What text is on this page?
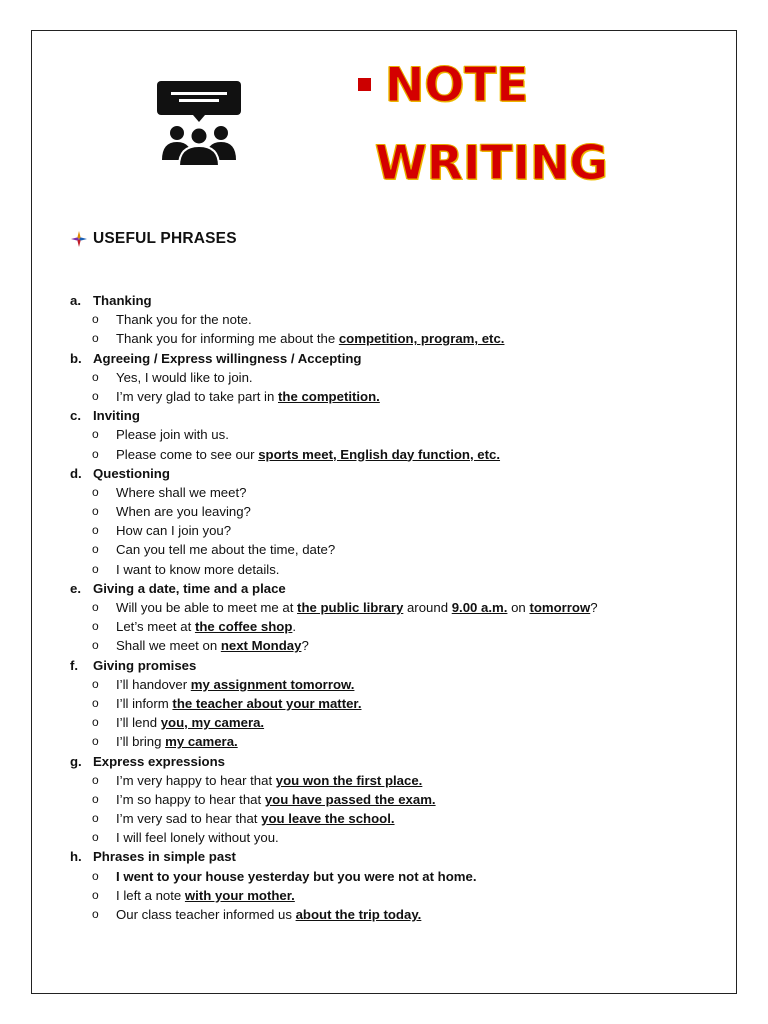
NOTE
WRITING
USEFUL PHRASES
a. Thanking
o Thank you for the note.
o Thank you for informing me about the competition, program, etc.
b. Agreeing / Express willingness / Accepting
o Yes, I would like to join.
o I’m very glad to take part in the competition.
c. Inviting
o Please join with us.
o Please come to see our sports meet, English day function, etc.
d. Questioning
o Where shall we meet?
o When are you leaving?
o How can I join you?
o Can you tell me about the time, date?
o I want to know more details.
e. Giving a date, time and a place
o Will you be able to meet me at the public library around 9.00 a.m. on tomorrow?
o Let’s meet at the coffee shop.
o Shall we meet on next Monday?
f. Giving promises
o I’ll handover my assignment tomorrow.
o I’ll inform the teacher about your matter.
o I’ll lend you, my camera.
o I’ll bring my camera.
g. Express expressions
o I’m very happy to hear that you won the first place.
o I’m so happy to hear that you have passed the exam.
o I’m very sad to hear that you leave the school.
o I will feel lonely without you.
h. Phrases in simple past
o I went to your house yesterday but you were not at home.
o I left a note with your mother.
o Our class teacher informed us about the trip today.
